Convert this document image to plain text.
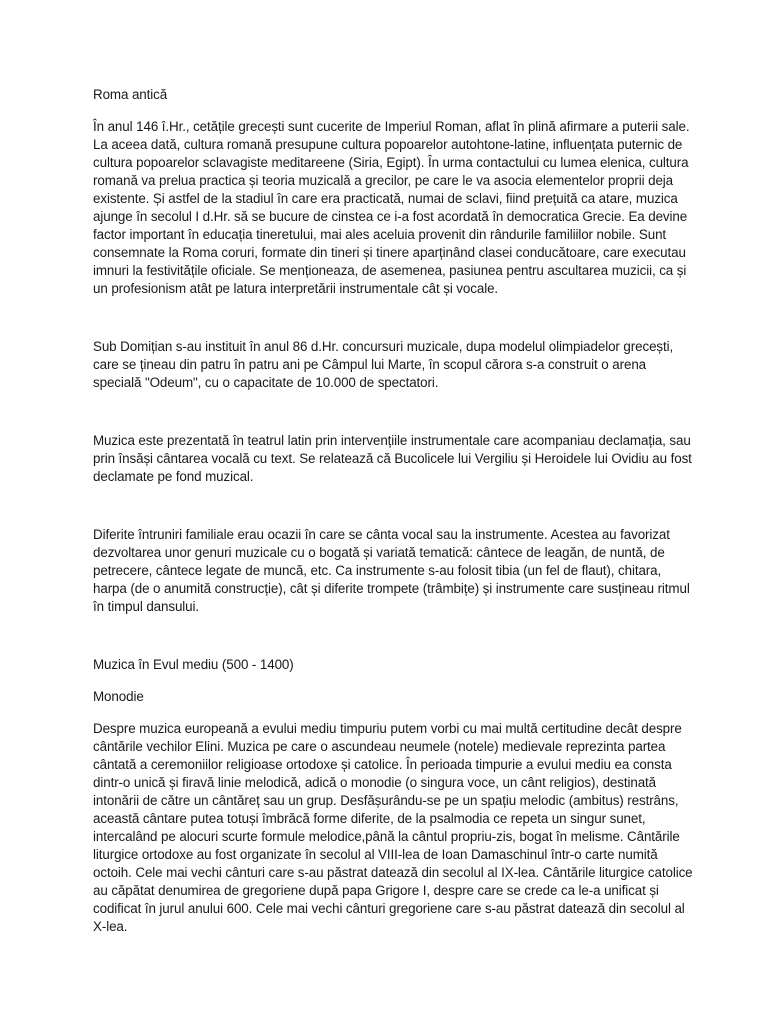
Roma antică

În anul 146 î.Hr., cetățile grecești sunt cucerite de Imperiul Roman, aflat în plină afirmare a puterii sale. La aceea dată, cultura romană presupune cultura popoarelor autohtone-latine, influențata puternic de cultura popoarelor sclavagiste meditareene (Siria, Egipt). În urma contactului cu lumea elenica, cultura romană va prelua practica și teoria muzicală a grecilor, pe care le va asocia elementelor proprii deja existente. Și astfel de la stadiul în care era practicată, numai de sclavi, fiind prețuită ca atare, muzica ajunge în secolul I d.Hr. să se bucure de cinstea ce i-a fost acordată în democratica Grecie. Ea devine factor important în educația tineretului, mai ales aceluia provenit din rândurile familiilor nobile. Sunt consemnate la Roma coruri, formate din tineri și tinere aparținând clasei conducătoare, care executau imnuri la festivitățile oficiale. Se menționeaza, de asemenea, pasiunea pentru ascultarea muzicii, ca și un profesionism atât pe latura interpretării instrumentale cât și vocale.

Sub Domițian s-au instituit în anul 86 d.Hr. concursuri muzicale, dupa modelul olimpiadelor grecești, care se țineau din patru în patru ani pe Câmpul lui Marte, în scopul cărora s-a construit o arena specială "Odeum", cu o capacitate de 10.000 de spectatori.

Muzica este prezentată în teatrul latin prin intervențiile instrumentale care acompaniau declamația, sau prin însăși cântarea vocală cu text. Se relatează că Bucolicele lui Vergiliu și Heroidele lui Ovidiu au fost declamate pe fond muzical.

Diferite întruniri familiale erau ocazii în care se cânta vocal sau la instrumente. Acestea au favorizat dezvoltarea unor genuri muzicale cu o bogată și variată tematică: cântece de leagăn, de nuntă, de petrecere, cântece legate de muncă, etc. Ca instrumente s-au folosit tibia (un fel de flaut), chitara, harpa (de o anumită construcție), cât și diferite trompete (trâmbițe) și instrumente care susțineau ritmul în timpul dansului.

Muzica în Evul mediu (500 - 1400)

Monodie

Despre muzica europeană a evului mediu timpuriu putem vorbi cu mai multă certitudine decât despre cântările vechilor Elini. Muzica pe care o ascundeau neumele (notele) medievale reprezinta partea cântată a ceremoniilor religioase ortodoxe și catolice. În perioada timpurie a evului mediu ea consta dintr-o unică și firavă linie melodică, adică o monodie (o singura voce, un cânt religios), destinată intonării de către un cântăreț sau un grup. Desfășurându-se pe un spațiu melodic (ambitus) restrâns, această cântare putea totuși îmbrăcă forme diferite, de la psalmodia ce repeta un singur sunet, intercalând pe alocuri scurte formule melodice,până la cântul propriu-zis, bogat în melisme. Cântările liturgice ortodoxe au fost organizate în secolul al VIII-lea de Ioan Damaschinul într-o carte numită octoih. Cele mai vechi cânturi care s-au păstrat datează din secolul al IX-lea. Cântările liturgice catolice au căpătat denumirea de gregoriene după papa Grigore I, despre care se crede ca le-a unificat și codificat în jurul anului 600. Cele mai vechi cânturi gregoriene care s-au păstrat datează din secolul al X-lea.
